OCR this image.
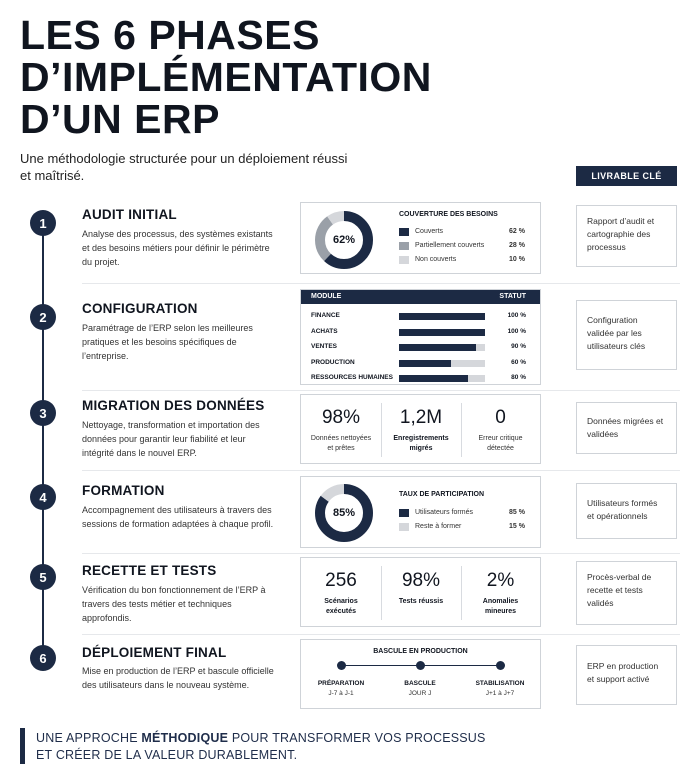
LES 6 PHASES
D’IMPLÉMENTATION
D’UN ERP
Une méthodologie structurée pour un déploiement réussi et maîtrisé.	LIVRABLE CLÉ
1
AUDIT INITIAL
Analyse des processus, des systèmes existants et des besoins métiers pour définir le périmètre du projet.
62%
COUVERTURE DES BESOINS
Couverts	62 %
Partiellement couverts	28 %
Non couverts	10 %
Rapport d’audit et cartographie des processus
2
CONFIGURATION
Paramétrage de l’ERP selon les meilleures pratiques et les besoins spécifiques de l’entreprise.
MODULE	STATUT
FINANCE	100 %
ACHATS	100 %
VENTES	90 %
PRODUCTION	60 %
RESSOURCES HUMAINES	80 %
Configuration validée par les utilisateurs clés
3	MIGRATION DES DONNÉES
Nettoyage, transformation et importation des données pour garantir leur fiabilité et leur intégrité dans le nouvel ERP.
98%
Données nettoyées et prêtes
1,2M
Enregistrements migrés
0
Erreur critique détectée
Données migrées et validées
4	FORMATION
Accompagnement des utilisateurs à travers des sessions de formation adaptées à chaque profil.
85%
TAUX DE PARTICIPATION
Utilisateurs formés	85 %
Reste à former	15 %
Utilisateurs formés et opérationnels
5	RECETTE ET TESTS
Vérification du bon fonctionnement de l’ERP à travers des tests métier et techniques approfondis.
256
Scénarios exécutés
98%
Tests réussis
2%
Anomalies mineures
Procès-verbal de recette et tests validés
6	DÉPLOIEMENT FINAL
Mise en production de l’ERP et bascule officielle des utilisateurs dans le nouveau système.
BASCULE EN PRODUCTION
PRÉPARATION
J-7 à J-1
BASCULE
JOUR J
STABILISATION
J+1 à J+7
ERP en production et support activé
UNE APPROCHE MÉTHODIQUE POUR TRANSFORMER VOS PROCESSUS
ET CRÉER DE LA VALEUR DURABLEMENT.
